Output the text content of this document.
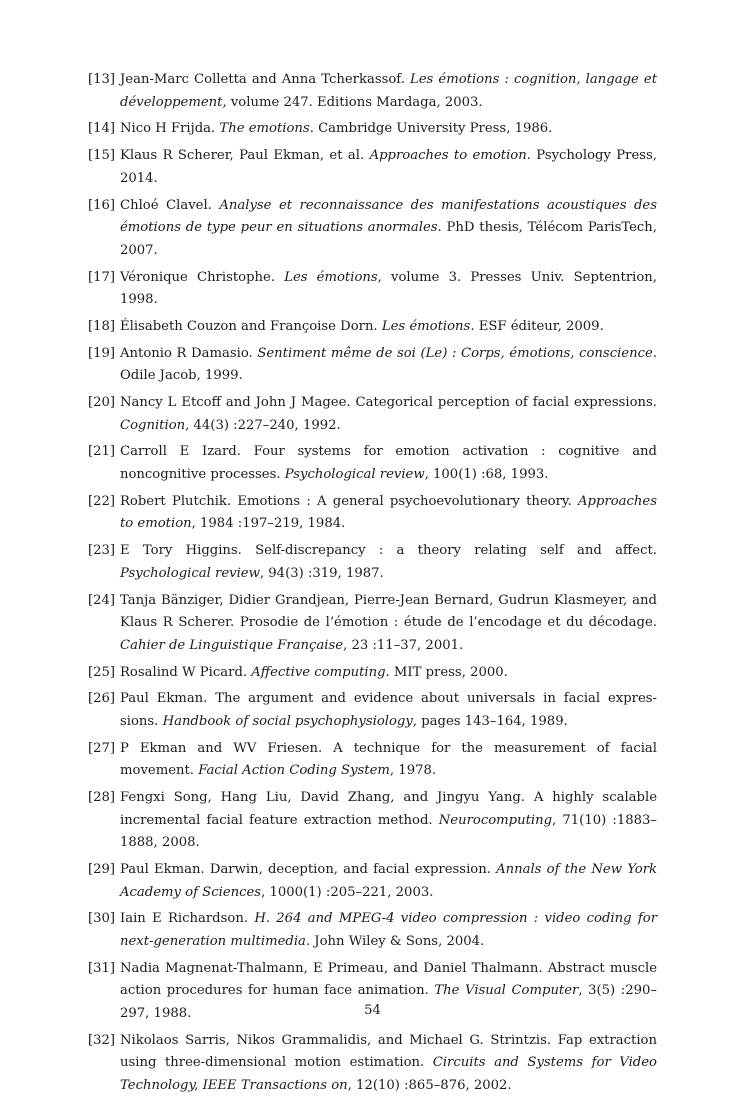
[13] Jean-Marc Colletta and Anna Tcherkassof. Les émotions : cognition, langage et développement, volume 247. Editions Mardaga, 2003.
[14] Nico H Frijda. The emotions. Cambridge University Press, 1986.
[15] Klaus R Scherer, Paul Ekman, et al. Approaches to emotion. Psychology Press, 2014.
[16] Chloé Clavel. Analyse et reconnaissance des manifestations acoustiques des émotions de type peur en situations anormales. PhD thesis, Télécom ParisTech, 2007.
[17] Véronique Christophe. Les émotions, volume 3. Presses Univ. Septentrion, 1998.
[18] Élisabeth Couzon and Françoise Dorn. Les émotions. ESF éditeur, 2009.
[19] Antonio R Damasio. Sentiment même de soi (Le) : Corps, émotions, conscience. Odile Jacob, 1999.
[20] Nancy L Etcoff and John J Magee. Categorical perception of facial expressions. Cognition, 44(3) :227–240, 1992.
[21] Carroll E Izard. Four systems for emotion activation : cognitive and noncognitive processes. Psychological review, 100(1) :68, 1993.
[22] Robert Plutchik. Emotions : A general psychoevolutionary theory. Approaches to emotion, 1984 :197–219, 1984.
[23] E Tory Higgins. Self-discrepancy : a theory relating self and affect. Psychological review, 94(3) :319, 1987.
[24] Tanja Bänziger, Didier Grandjean, Pierre-Jean Bernard, Gudrun Klasmeyer, and Klaus R Scherer. Prosodie de l’émotion : étude de l’encodage et du décodage. Cahier de Linguistique Française, 23 :11–37, 2001.
[25] Rosalind W Picard. Affective computing. MIT press, 2000.
[26] Paul Ekman. The argument and evidence about universals in facial expres-sions. Handbook of social psychophysiology, pages 143–164, 1989.
[27] P Ekman and WV Friesen. A technique for the measurement of facial movement. Facial Action Coding System, 1978.
[28] Fengxi Song, Hang Liu, David Zhang, and Jingyu Yang. A highly scalable incremental facial feature extraction method. Neurocomputing, 71(10) :1883–1888, 2008.
[29] Paul Ekman. Darwin, deception, and facial expression. Annals of the New York Academy of Sciences, 1000(1) :205–221, 2003.
[30] Iain E Richardson. H. 264 and MPEG-4 video compression : video coding for next-generation multimedia. John Wiley & Sons, 2004.
[31] Nadia Magnenat-Thalmann, E Primeau, and Daniel Thalmann. Abstract muscle action procedures for human face animation. The Visual Computer, 3(5) :290–297, 1988.
[32] Nikolaos Sarris, Nikos Grammalidis, and Michael G. Strintzis. Fap extraction using three-dimensional motion estimation. Circuits and Systems for Video Technology, IEEE Transactions on, 12(10) :865–876, 2002.
54
